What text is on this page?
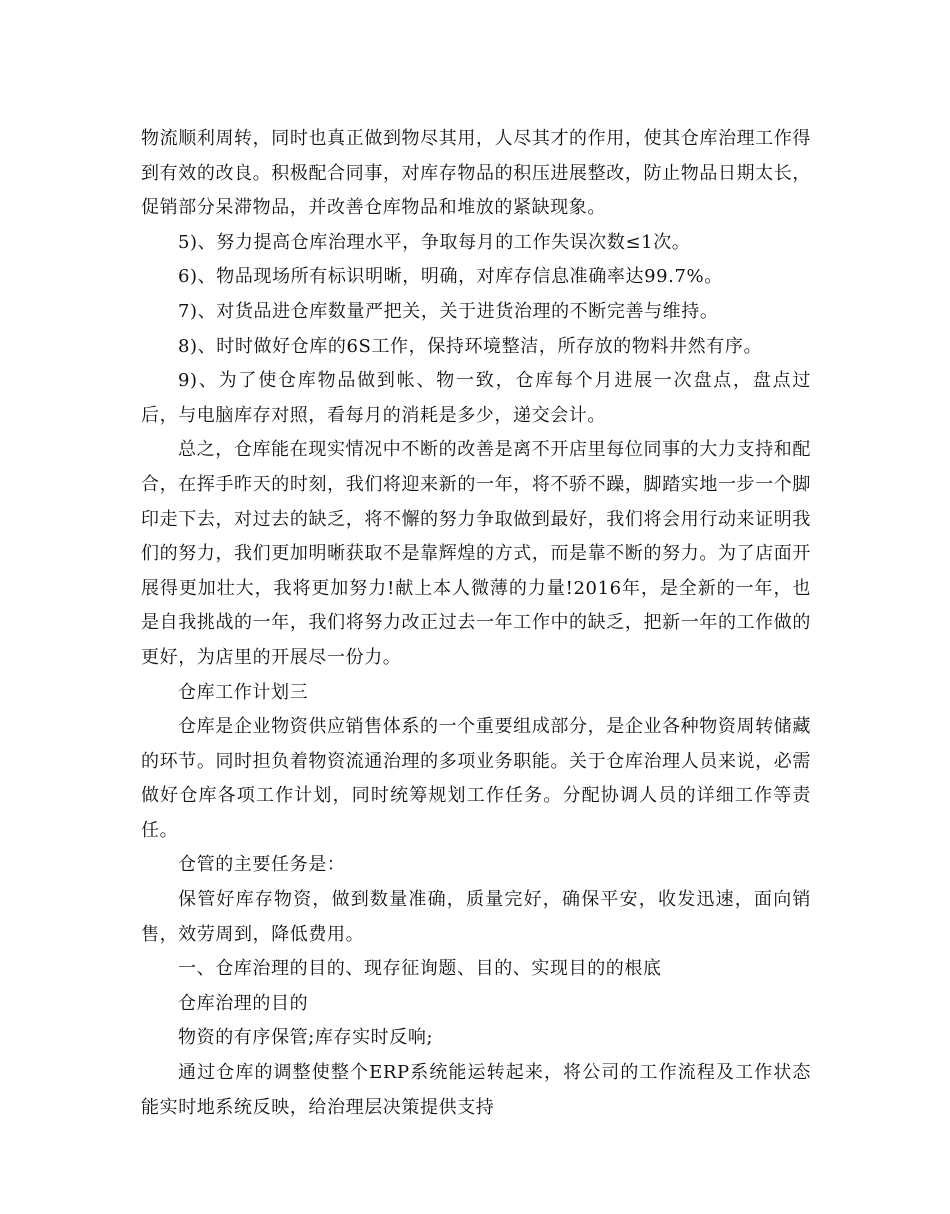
物流顺利周转，同时也真正做到物尽其用，人尽其才的作用，使其仓库治理工作得到有效的改良。积极配合同事，对库存物品的积压进展整改，防止物品日期太长，促销部分呆滞物品，并改善仓库物品和堆放的紧缺现象。

5)、努力提高仓库治理水平，争取每月的工作失误次数≤1次。

6)、物品现场所有标识明晰，明确，对库存信息准确率达99.7%。

7)、对货品进仓库数量严把关，关于进货治理的不断完善与维持。

8)、时时做好仓库的6S工作，保持环境整洁，所存放的物料井然有序。

9)、为了使仓库物品做到帐、物一致，仓库每个月进展一次盘点，盘点过后，与电脑库存对照，看每月的消耗是多少，递交会计。

总之，仓库能在现实情况中不断的改善是离不开店里每位同事的大力支持和配合，在挥手昨天的时刻，我们将迎来新的一年，将不骄不躁，脚踏实地一步一个脚印走下去，对过去的缺乏，将不懈的努力争取做到最好，我们将会用行动来证明我们的努力，我们更加明晰获取不是靠辉煌的方式，而是靠不断的努力。为了店面开展得更加壮大，我将更加努力!献上本人微薄的力量!2016年，是全新的一年，也是自我挑战的一年，我们将努力改正过去一年工作中的缺乏，把新一年的工作做的更好，为店里的开展尽一份力。

仓库工作计划三

仓库是企业物资供应销售体系的一个重要组成部分，是企业各种物资周转储藏的环节。同时担负着物资流通治理的多项业务职能。关于仓库治理人员来说，必需做好仓库各项工作计划，同时统筹规划工作任务。分配协调人员的详细工作等责任。

仓管的主要任务是：

保管好库存物资，做到数量准确，质量完好，确保平安，收发迅速，面向销售，效劳周到，降低费用。

一、仓库治理的目的、现存征询题、目的、实现目的的根底

仓库治理的目的

物资的有序保管;库存实时反响;

通过仓库的调整使整个ERP系统能运转起来，将公司的工作流程及工作状态能实时地系统反映，给治理层决策提供支持
